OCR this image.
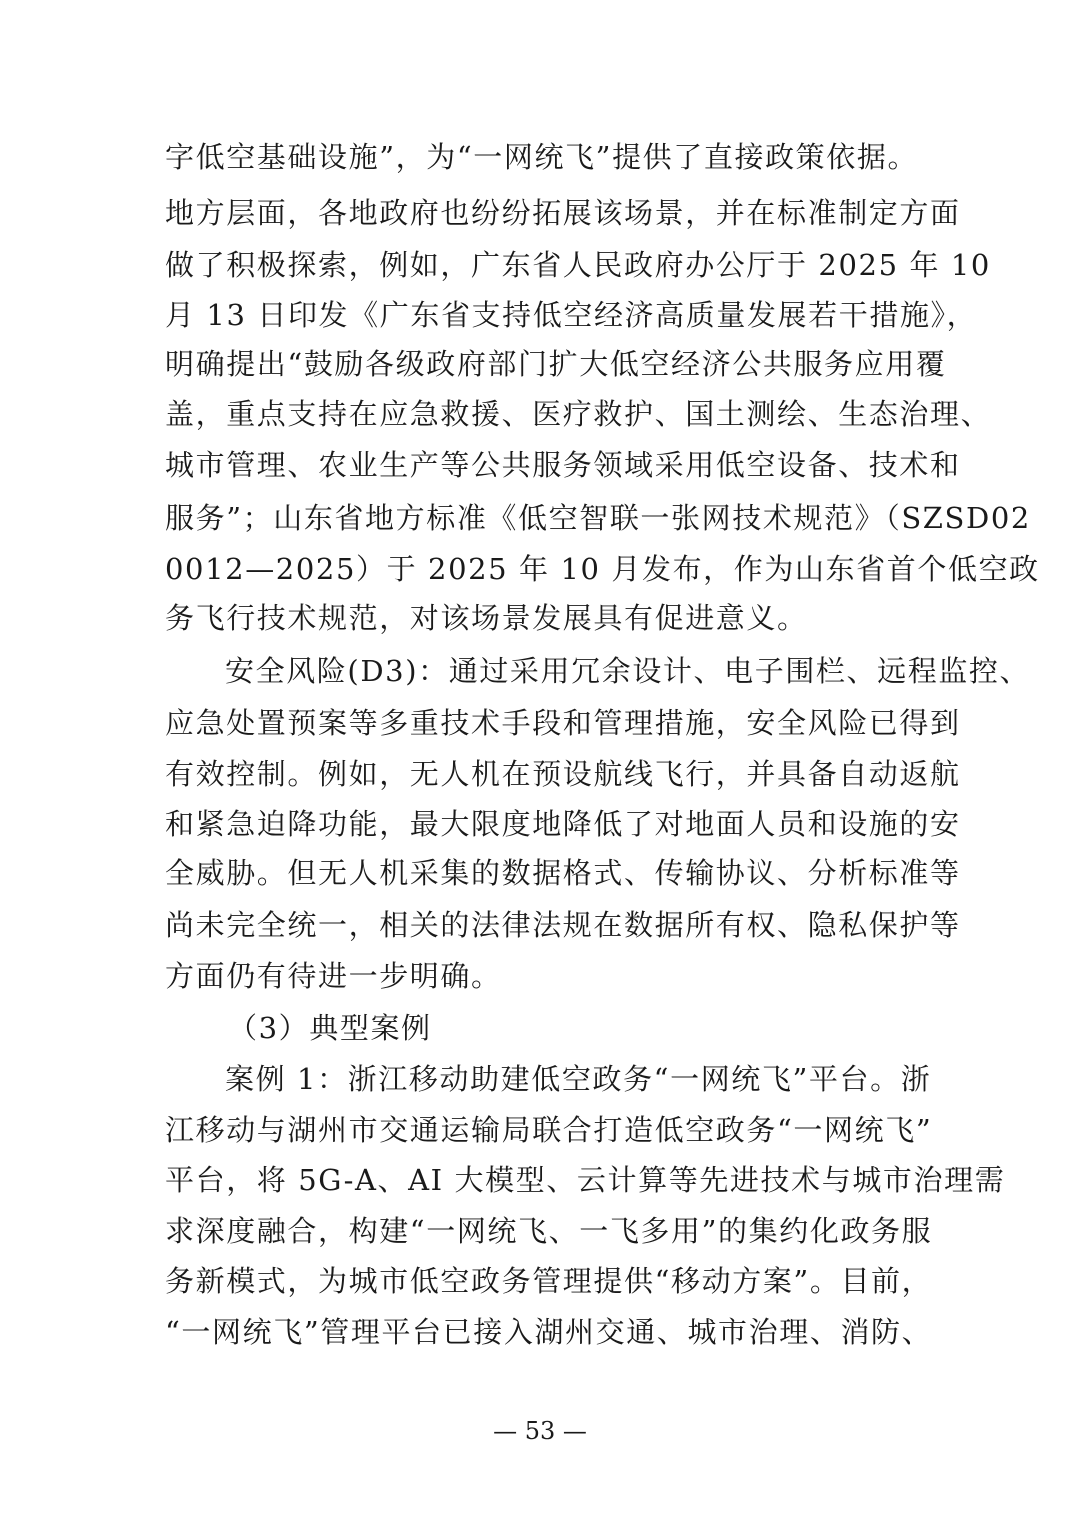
字低空基础设施”，为“一网统飞”提供了直接政策依据。
地方层面，各地政府也纷纷拓展该场景，并在标准制定方面
做了积极探索，例如，广东省人民政府办公厅于 2025 年 10
月 13 日印发《广东省支持低空经济高质量发展若干措施》，
明确提出“鼓励各级政府部门扩大低空经济公共服务应用覆
盖，重点支持在应急救援、医疗救护、国土测绘、生态治理、
城市管理、农业生产等公共服务领域采用低空设备、技术和
服务”；山东省地方标准《低空智联一张网技术规范》（SZSD02
0012—2025）于 2025 年 10 月发布，作为山东省首个低空政
务飞行技术规范，对该场景发展具有促进意义。
安全风险(D3)：通过采用冗余设计、电子围栏、远程监控、
应急处置预案等多重技术手段和管理措施，安全风险已得到
有效控制。例如，无人机在预设航线飞行，并具备自动返航
和紧急迫降功能，最大限度地降低了对地面人员和设施的安
全威胁。但无人机采集的数据格式、传输协议、分析标准等
尚未完全统一，相关的法律法规在数据所有权、隐私保护等
方面仍有待进一步明确。
（3）典型案例
案例 1：浙江移动助建低空政务“一网统飞”平台。浙
江移动与湖州市交通运输局联合打造低空政务“一网统飞”
平台，将 5G-A、AI 大模型、云计算等先进技术与城市治理需
求深度融合，构建“一网统飞、一飞多用”的集约化政务服
务新模式，为城市低空政务管理提供“移动方案”。目前，
“一网统飞”管理平台已接入湖州交通、城市治理、消防、
— 53 —
